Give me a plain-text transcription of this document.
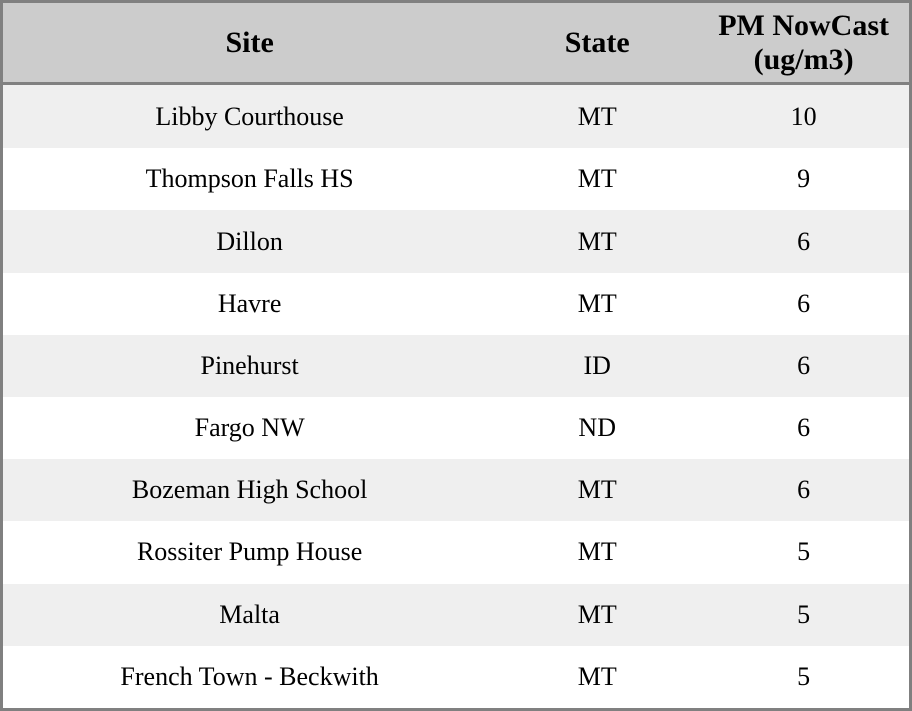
Site	State	PM NowCast (ug/m3)
Libby Courthouse	MT	10
Thompson Falls HS	MT	9
Dillon	MT	6
Havre	MT	6
Pinehurst	ID	6
Fargo NW	ND	6
Bozeman High School	MT	6
Rossiter Pump House	MT	5
Malta	MT	5
French Town - Beckwith	MT	5
